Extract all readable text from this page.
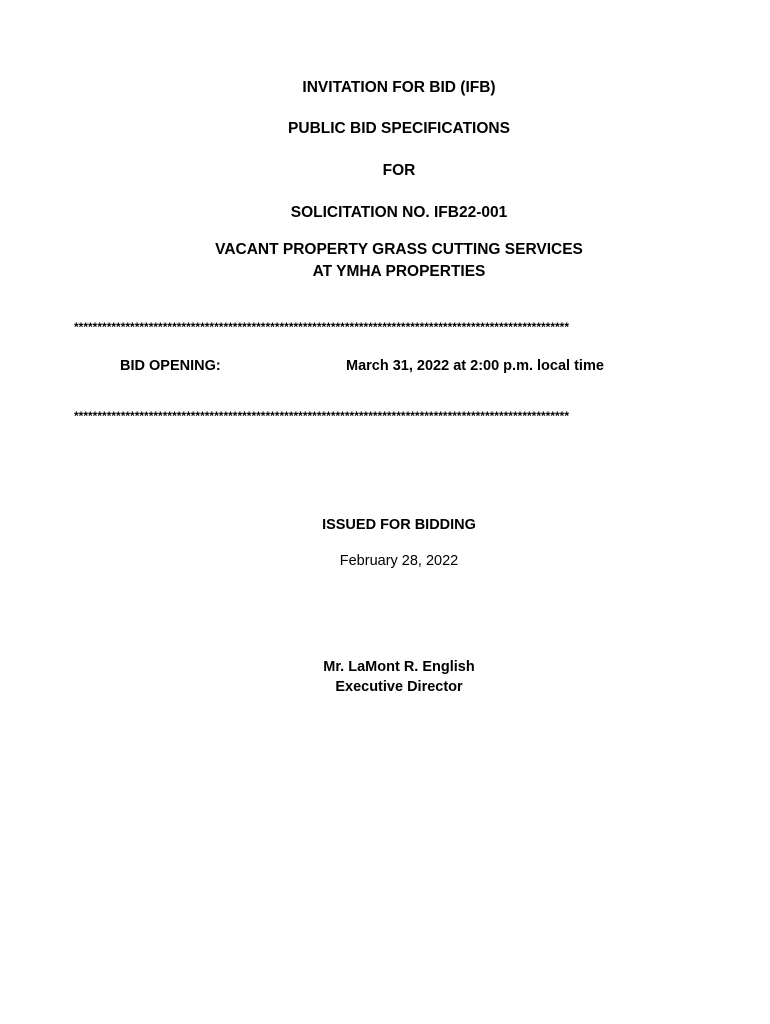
INVITATION FOR BID (IFB)
PUBLIC BID SPECIFICATIONS
FOR
SOLICITATION NO. IFB22-001
VACANT PROPERTY GRASS CUTTING SERVICES
AT YMHA PROPERTIES
**********************************************************************************************************
BID OPENING:	March 31, 2022 at 2:00 p.m. local time
**********************************************************************************************************
ISSUED FOR BIDDING
February 28, 2022
Mr. LaMont R. English
Executive Director
